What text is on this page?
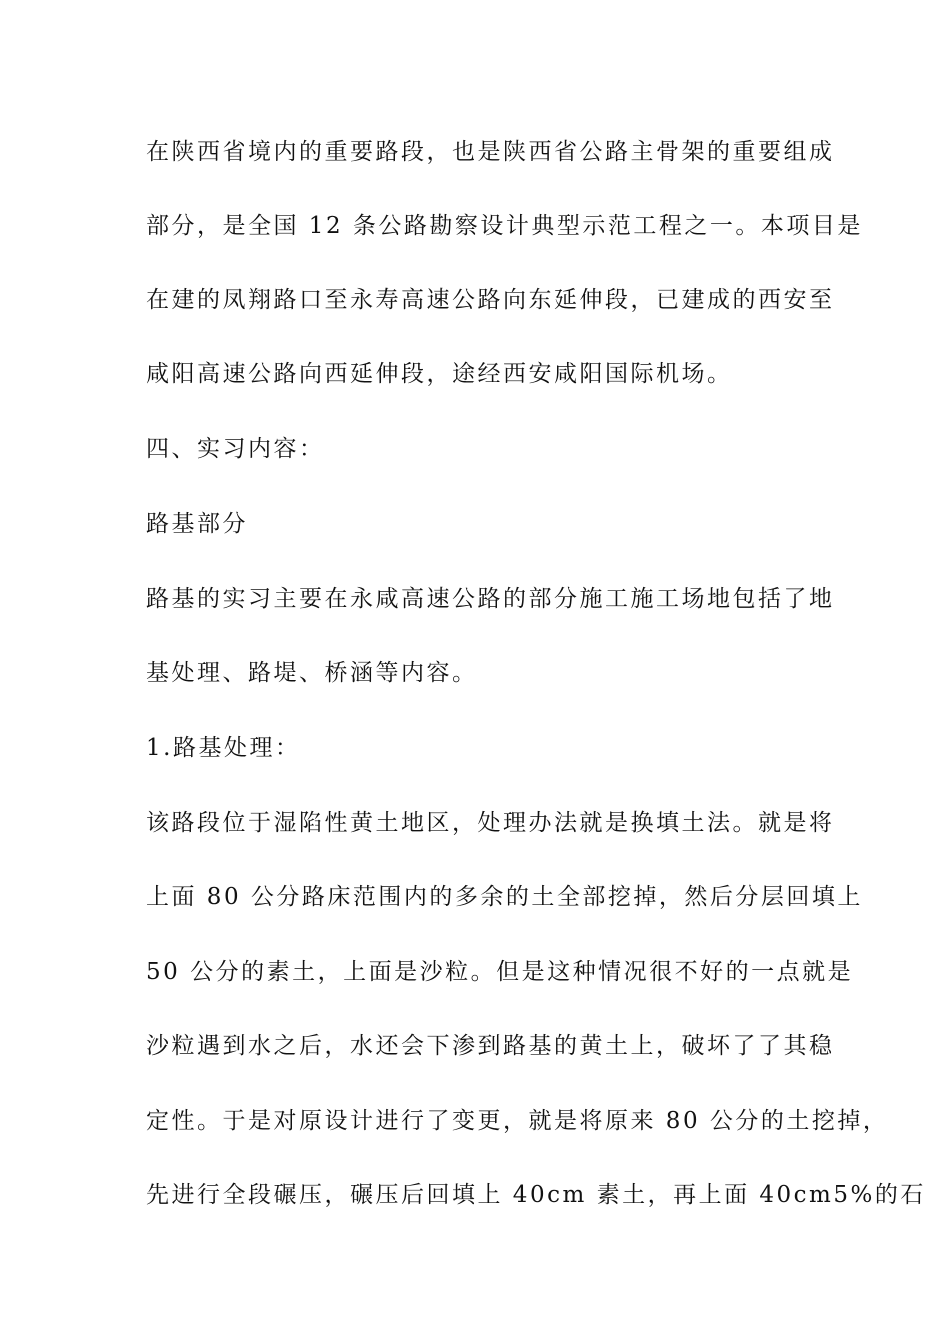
在陕西省境内的重要路段，也是陕西省公路主骨架的重要组成
部分，是全国 12 条公路勘察设计典型示范工程之一。本项目是
在建的凤翔路口至永寿高速公路向东延伸段，已建成的西安至
咸阳高速公路向西延伸段，途经西安咸阳国际机场。
四、实习内容：
路基部分
路基的实习主要在永咸高速公路的部分施工施工场地包括了地
基处理、路堤、桥涵等内容。
1.路基处理：
该路段位于湿陷性黄土地区，处理办法就是换填土法。就是将
上面 80 公分路床范围内的多余的土全部挖掉，然后分层回填上
50 公分的素土，上面是沙粒。但是这种情况很不好的一点就是
沙粒遇到水之后，水还会下渗到路基的黄土上，破坏了了其稳
定性。于是对原设计进行了变更，就是将原来 80 公分的土挖掉，
先进行全段碾压，碾压后回填上 40cm 素土，再上面 40cm5%的石
